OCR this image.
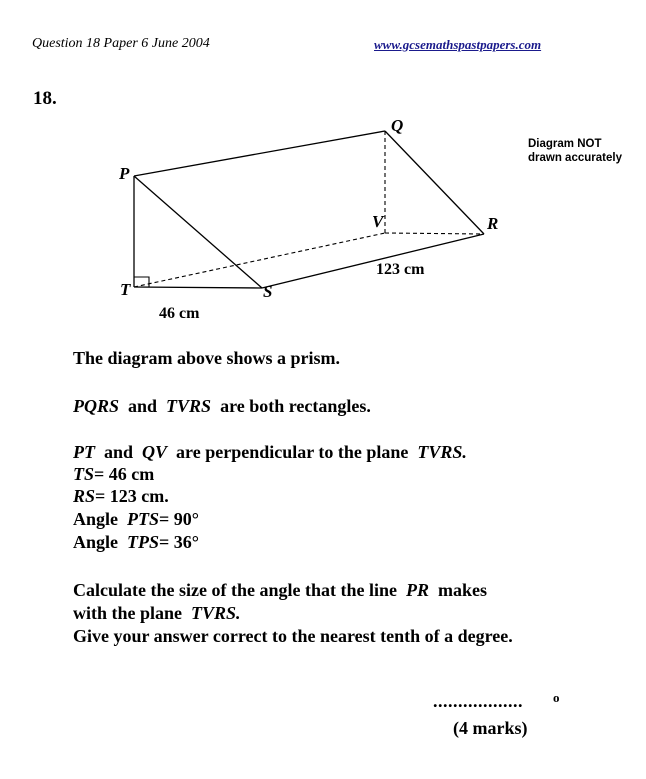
Question 18 Paper 6 June 2004	www.gcsemathspastpapers.com
18.
Diagram NOT
drawn accurately
P
Q
R
S
T
V
123 cm
46 cm
The diagram above shows a prism.
PQRS and TVRS are both rectangles.
PT and QV are perpendicular to the plane TVRS.
TS= 46 cm
RS= 123 cm.
Angle PTS= 90°
Angle TPS= 36°
Calculate the size of the angle that the line PR makes
with the plane TVRS.
Give your answer correct to the nearest tenth of a degree.
.................. o
(4 marks)
